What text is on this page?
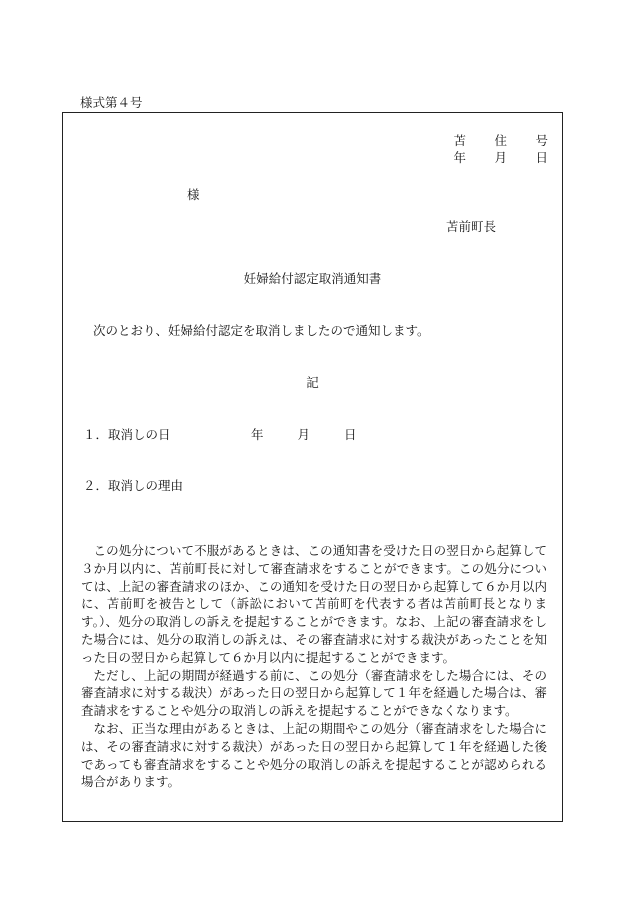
様式第４号
苫	住	号
年	月	日
様
苫前町長
妊婦給付認定取消通知書
次のとおり、妊婦給付認定を取消しましたので通知します。
記
１．取消しの日	年	月	日
２．取消しの理由

この処分について不服があるときは、この通知書を受けた日の翌日から起算して３か月以内に、苫前町長に対して審査請求をすることができます。この処分については、上記の審査請求のほか、この通知を受けた日の翌日から起算して６か月以内に、苫前町を被告として（訴訟において苫前町を代表する者は苫前町長となります。）、処分の取消しの訴えを提起することができます。なお、上記の審査請求をした場合には、処分の取消しの訴えは、その審査請求に対する裁決があったことを知った日の翌日から起算して６か月以内に提起することができます。

ただし、上記の期間が経過する前に、この処分（審査請求をした場合には、その審査請求に対する裁決）があった日の翌日から起算して１年を経過した場合は、審査請求をすることや処分の取消しの訴えを提起することができなくなります。

なお、正当な理由があるときは、上記の期間やこの処分（審査請求をした場合には、その審査請求に対する裁決）があった日の翌日から起算して１年を経過した後であっても審査請求をすることや処分の取消しの訴えを提起することが認められる場合があります。
